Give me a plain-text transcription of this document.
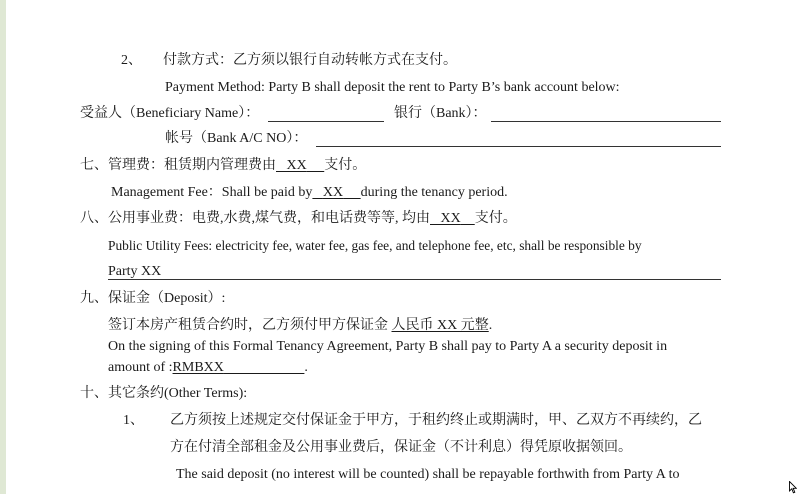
2、　　付款方式：乙方须以银行自动转帐方式在支付。
Payment Method: Party B shall deposit the rent to Party B’s bank account below:
受益人（Beneficiary Name）：	银行（Bank）：
帐号（Bank A/C NO）：
七、管理费：租赁期内管理费由 XX 支付。
Management Fee：Shall be paid by XX during the tenancy period.
八、公用事业费：电费,水费,煤气费，和电话费等等, 均由 XX 支付。
Public Utility Fees: electricity fee, water fee, gas fee, and telephone fee, etc, shall be responsible by
Party XX
九、保证金（Deposit）:
签订本房产租赁合约时，乙方须付甲方保证金 人民币 XX 元整.
On the signing of this Formal Tenancy Agreement, Party B shall pay to Party A a security deposit in
amount of :RMBXX	.
十、其它条约(Other Terms):
1、 乙方须按上述规定交付保证金于甲方，于租约终止或期满时，甲、乙双方不再续约，乙
方在付清全部租金及公用事业费后，保证金（不计利息）得凭原收据领回。
The said deposit (no interest will be counted) shall be repayable forthwith from Party A to
